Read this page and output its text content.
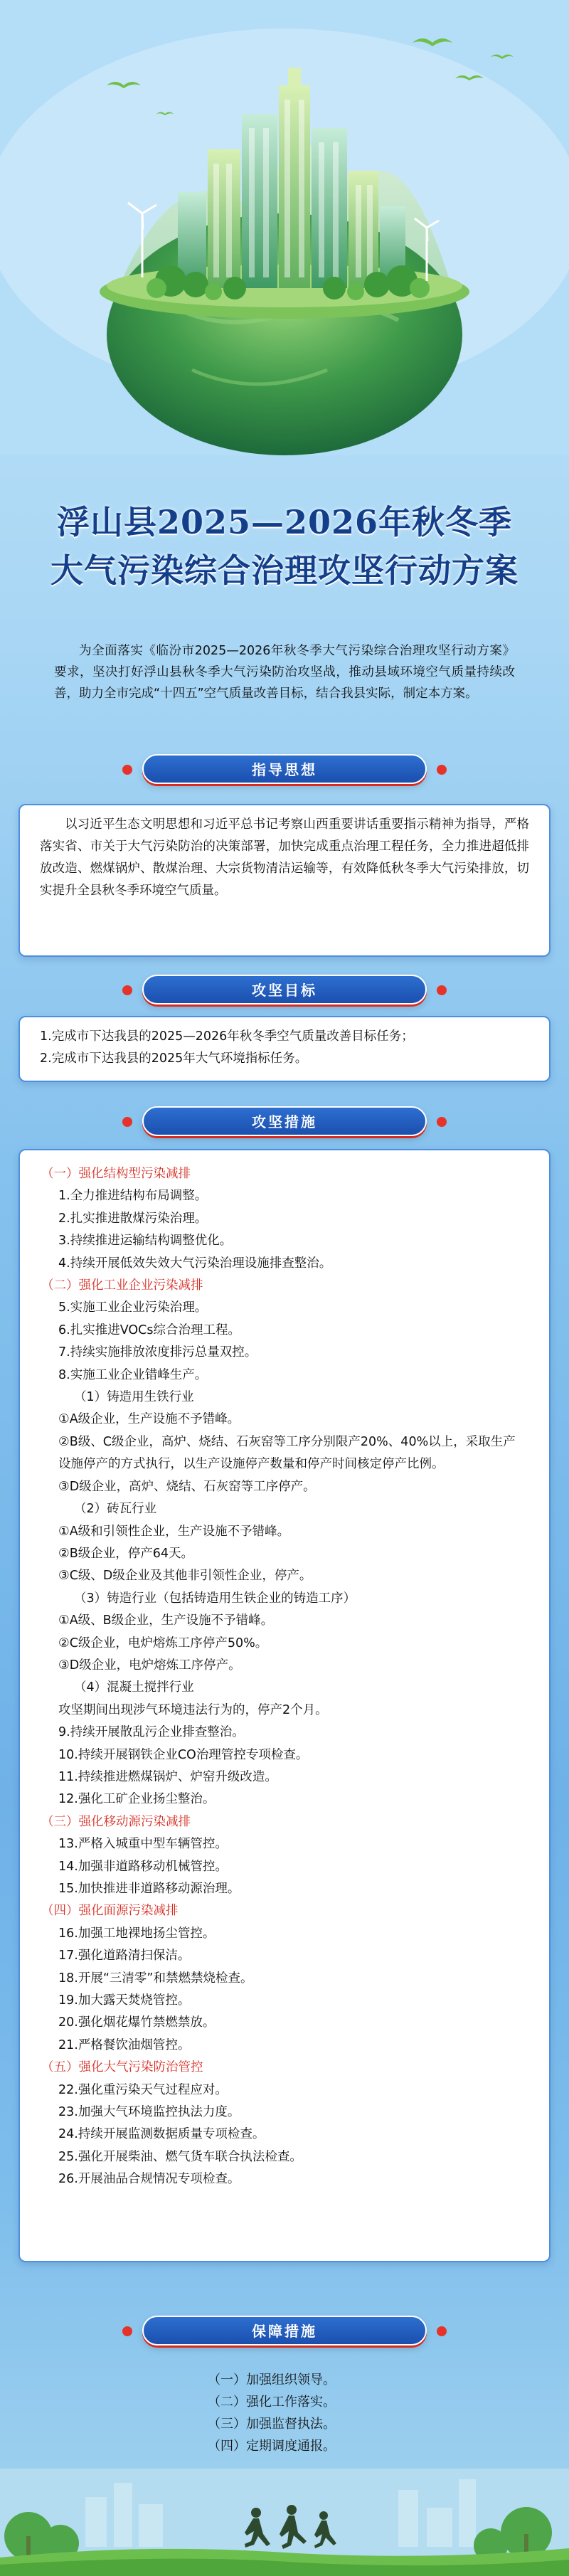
浮山县2025—2026年秋冬季
大气污染综合治理攻坚行动方案

为全面落实《临汾市2025—2026年秋冬季大气污染综合治理攻坚行动方案》要求，坚决打好浮山县秋冬季大气污染防治攻坚战，推动县域环境空气质量持续改善，助力全市完成“十四五”空气质量改善目标，结合我县实际，制定本方案。

指导思想

以习近平生态文明思想和习近平总书记考察山西重要讲话重要指示精神为指导，严格落实省、市关于大气污染防治的决策部署，加快完成重点治理工程任务，全力推进超低排放改造、燃煤锅炉、散煤治理、大宗货物清洁运输等，有效降低秋冬季大气污染排放，切实提升全县秋冬季环境空气质量。

攻坚目标

1.完成市下达我县的2025—2026年秋冬季空气质量改善目标任务；

2.完成市下达我县的2025年大气环境指标任务。

攻坚措施
（一）强化结构型污染减排
1.全力推进结构布局调整。
2.扎实推进散煤污染治理。
3.持续推进运输结构调整优化。
4.持续开展低效失效大气污染治理设施排查整治。
（二）强化工业企业污染减排
5.实施工业企业污染治理。
6.扎实推进VOCs综合治理工程。
7.持续实施排放浓度排污总量双控。
8.实施工业企业错峰生产。
（1）铸造用生铁行业
①A级企业，生产设施不予错峰。
②B级、C级企业，高炉、烧结、石灰窑等工序分别限产20%、40%以上，采取生产设施停产的方式执行，以生产设施停产数量和停产时间核定停产比例。
③D级企业，高炉、烧结、石灰窑等工序停产。
（2）砖瓦行业
①A级和引领性企业，生产设施不予错峰。
②B级企业，停产64天。
③C级、D级企业及其他非引领性企业，停产。
（3）铸造行业（包括铸造用生铁企业的铸造工序）
①A级、B级企业，生产设施不予错峰。
②C级企业，电炉熔炼工序停产50%。
③D级企业，电炉熔炼工序停产。
（4）混凝土搅拌行业
攻坚期间出现涉气环境违法行为的，停产2个月。
9.持续开展散乱污企业排查整治。
10.持续开展钢铁企业CO治理管控专项检查。
11.持续推进燃煤锅炉、炉窑升级改造。
12.强化工矿企业扬尘整治。
（三）强化移动源污染减排
13.严格入城重中型车辆管控。
14.加强非道路移动机械管控。
15.加快推进非道路移动源治理。
（四）强化面源污染减排
16.加强工地裸地扬尘管控。
17.强化道路清扫保洁。
18.开展“三清零”和禁燃禁烧检查。
19.加大露天焚烧管控。
20.强化烟花爆竹禁燃禁放。
21.严格餐饮油烟管控。
（五）强化大气污染防治管控
22.强化重污染天气过程应对。
23.加强大气环境监控执法力度。
24.持续开展监测数据质量专项检查。
25.强化开展柴油、燃气货车联合执法检查。
26.开展油品合规情况专项检查。
保障措施
（一）加强组织领导。
（二）强化工作落实。
（三）加强监督执法。
（四）定期调度通报。
